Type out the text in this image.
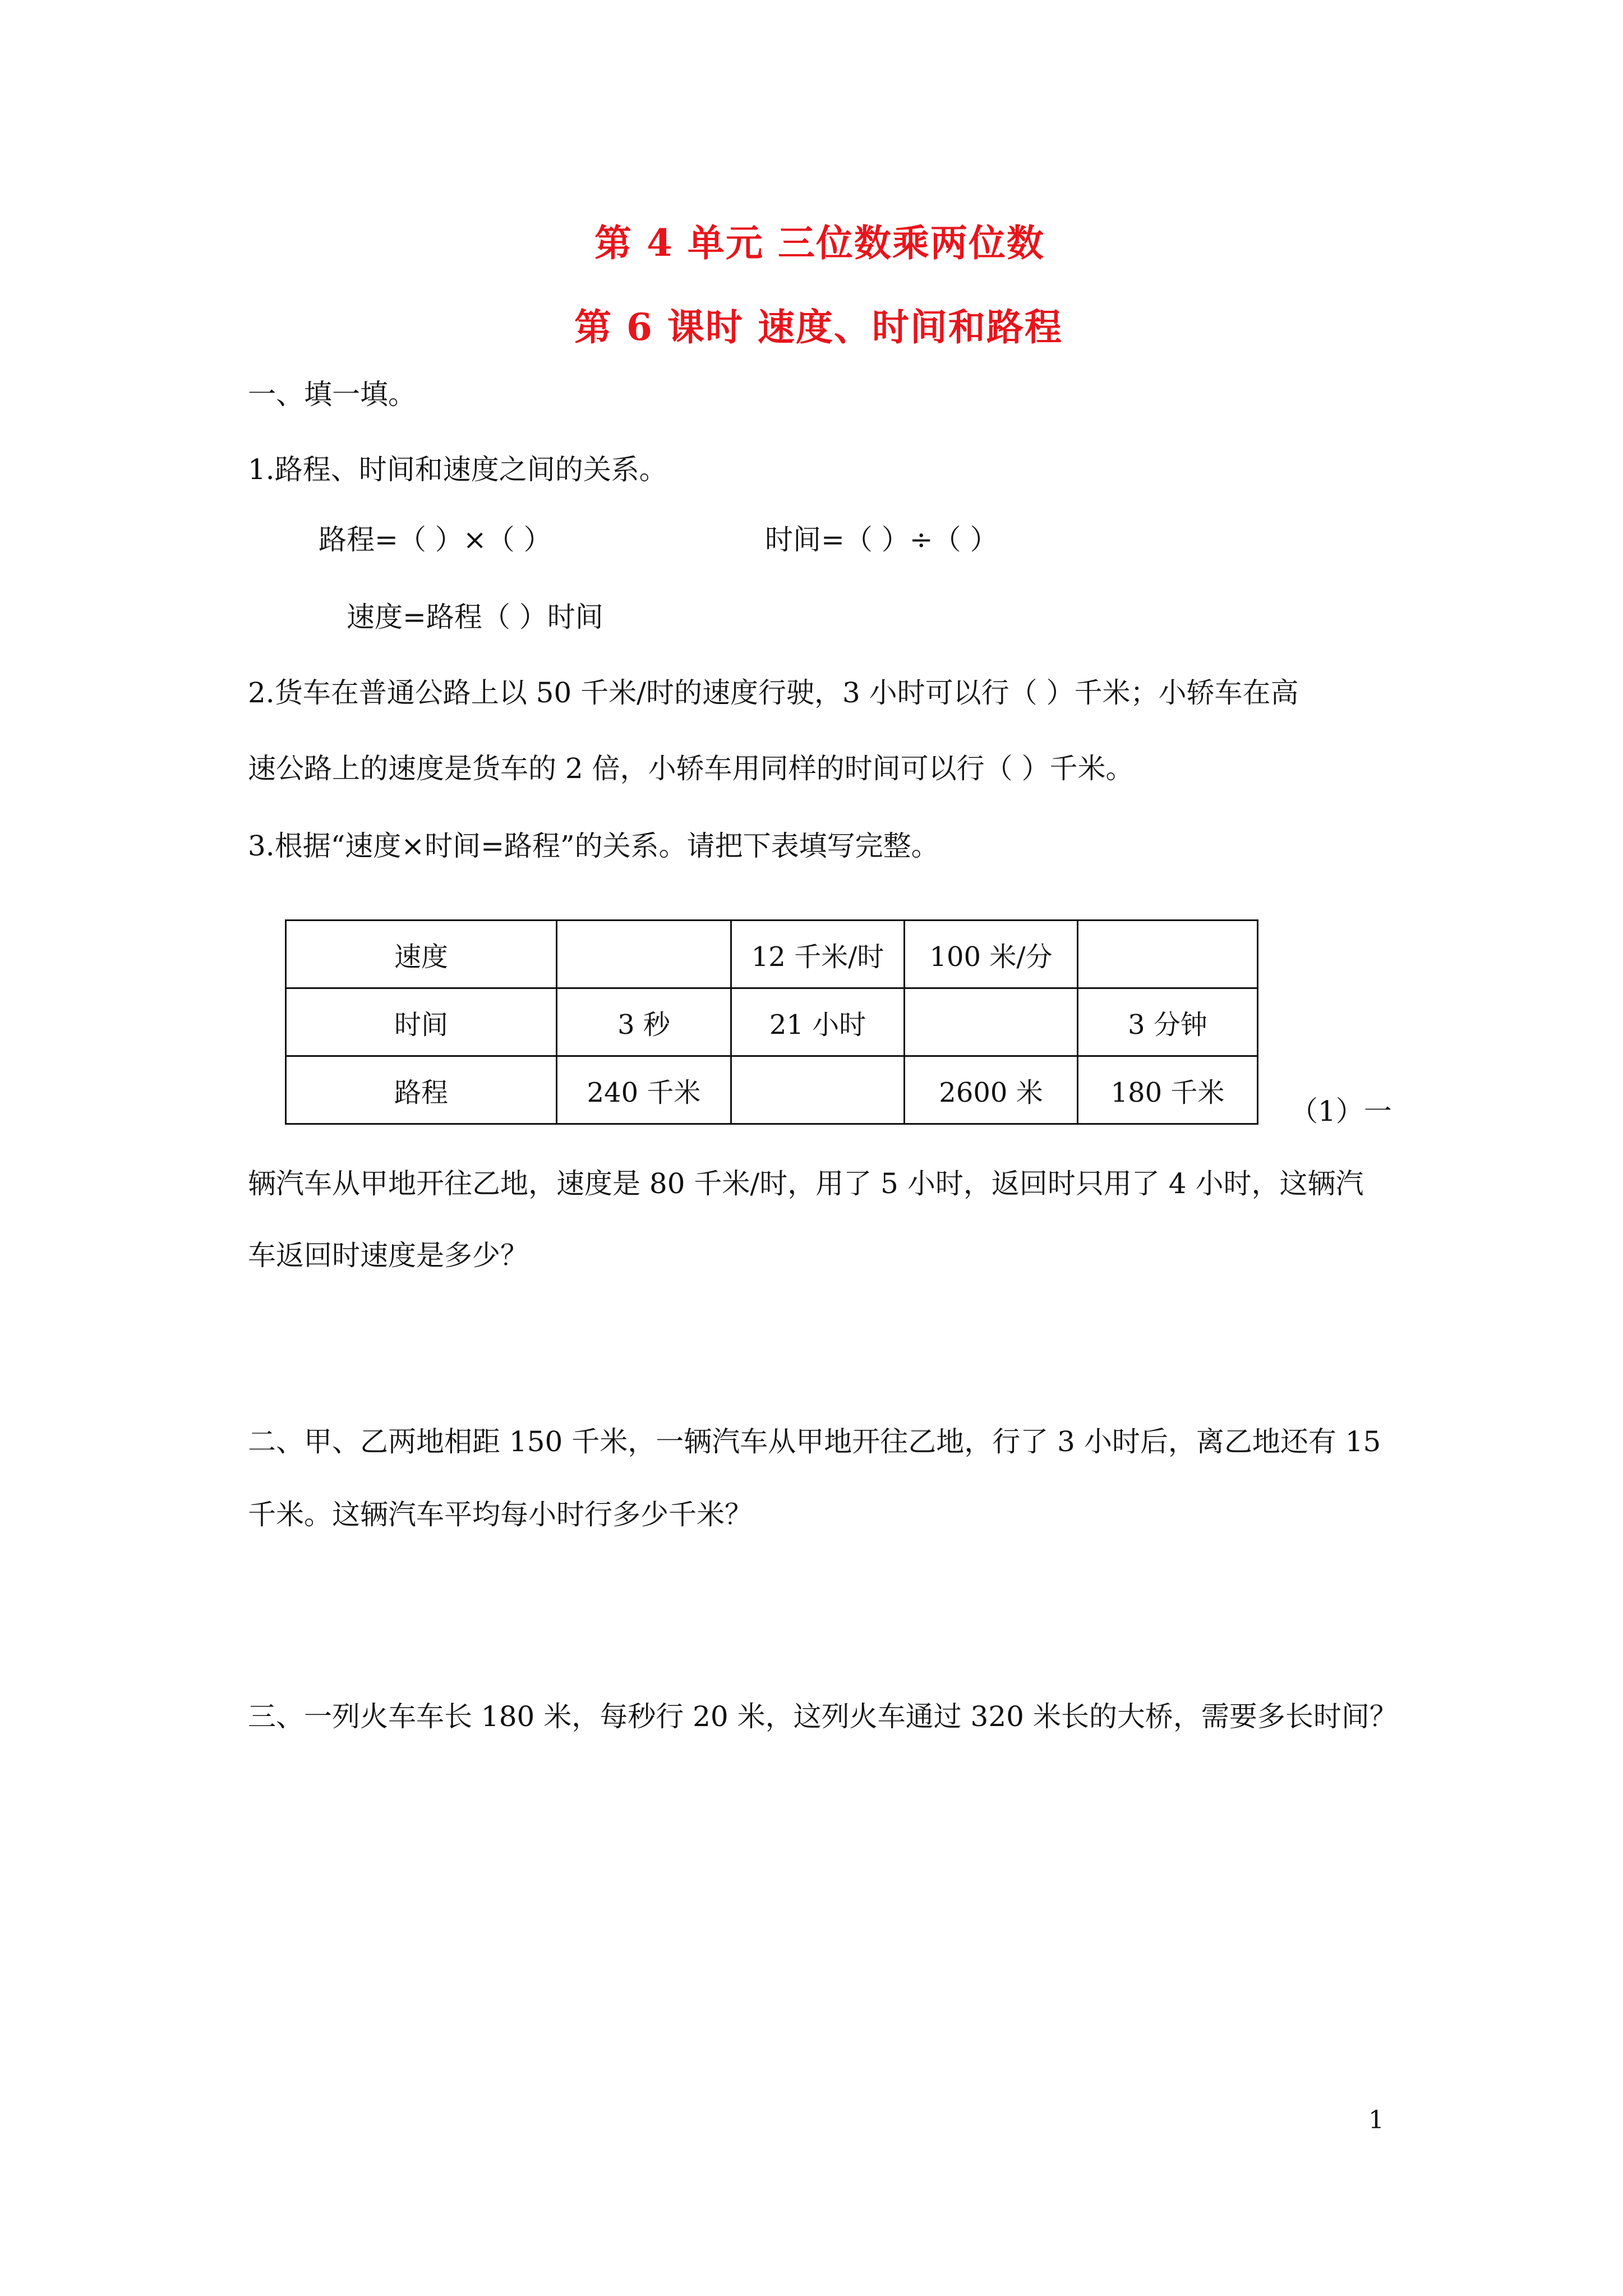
第 4 单元 三位数乘两位数
第 6 课时 速度、时间和路程
一、填一填。
1.路程、时间和速度之间的关系。
路程=（ ）×（ ）	时间=（ ）÷（ ）
速度=路程（ ）时间
2.货车在普通公路上以 50 千米/时的速度行驶，3 小时可以行（ ）千米；小轿车在高
速公路上的速度是货车的 2 倍，小轿车用同样的时间可以行（ ）千米。
3.根据“速度×时间=路程”的关系。请把下表填写完整。
速度		12 千米/时	100 米/分	
时间	3 秒	21 小时		3 分钟
路程	240 千米		2600 米	180 千米
（1）一
辆汽车从甲地开往乙地，速度是 80 千米/时，用了 5 小时，返回时只用了 4 小时，这辆汽
车返回时速度是多少？
二、甲、乙两地相距 150 千米，一辆汽车从甲地开往乙地，行了 3 小时后，离乙地还有 15
千米。这辆汽车平均每小时行多少千米？
三、一列火车车长 180 米，每秒行 20 米，这列火车通过 320 米长的大桥，需要多长时间？
1
